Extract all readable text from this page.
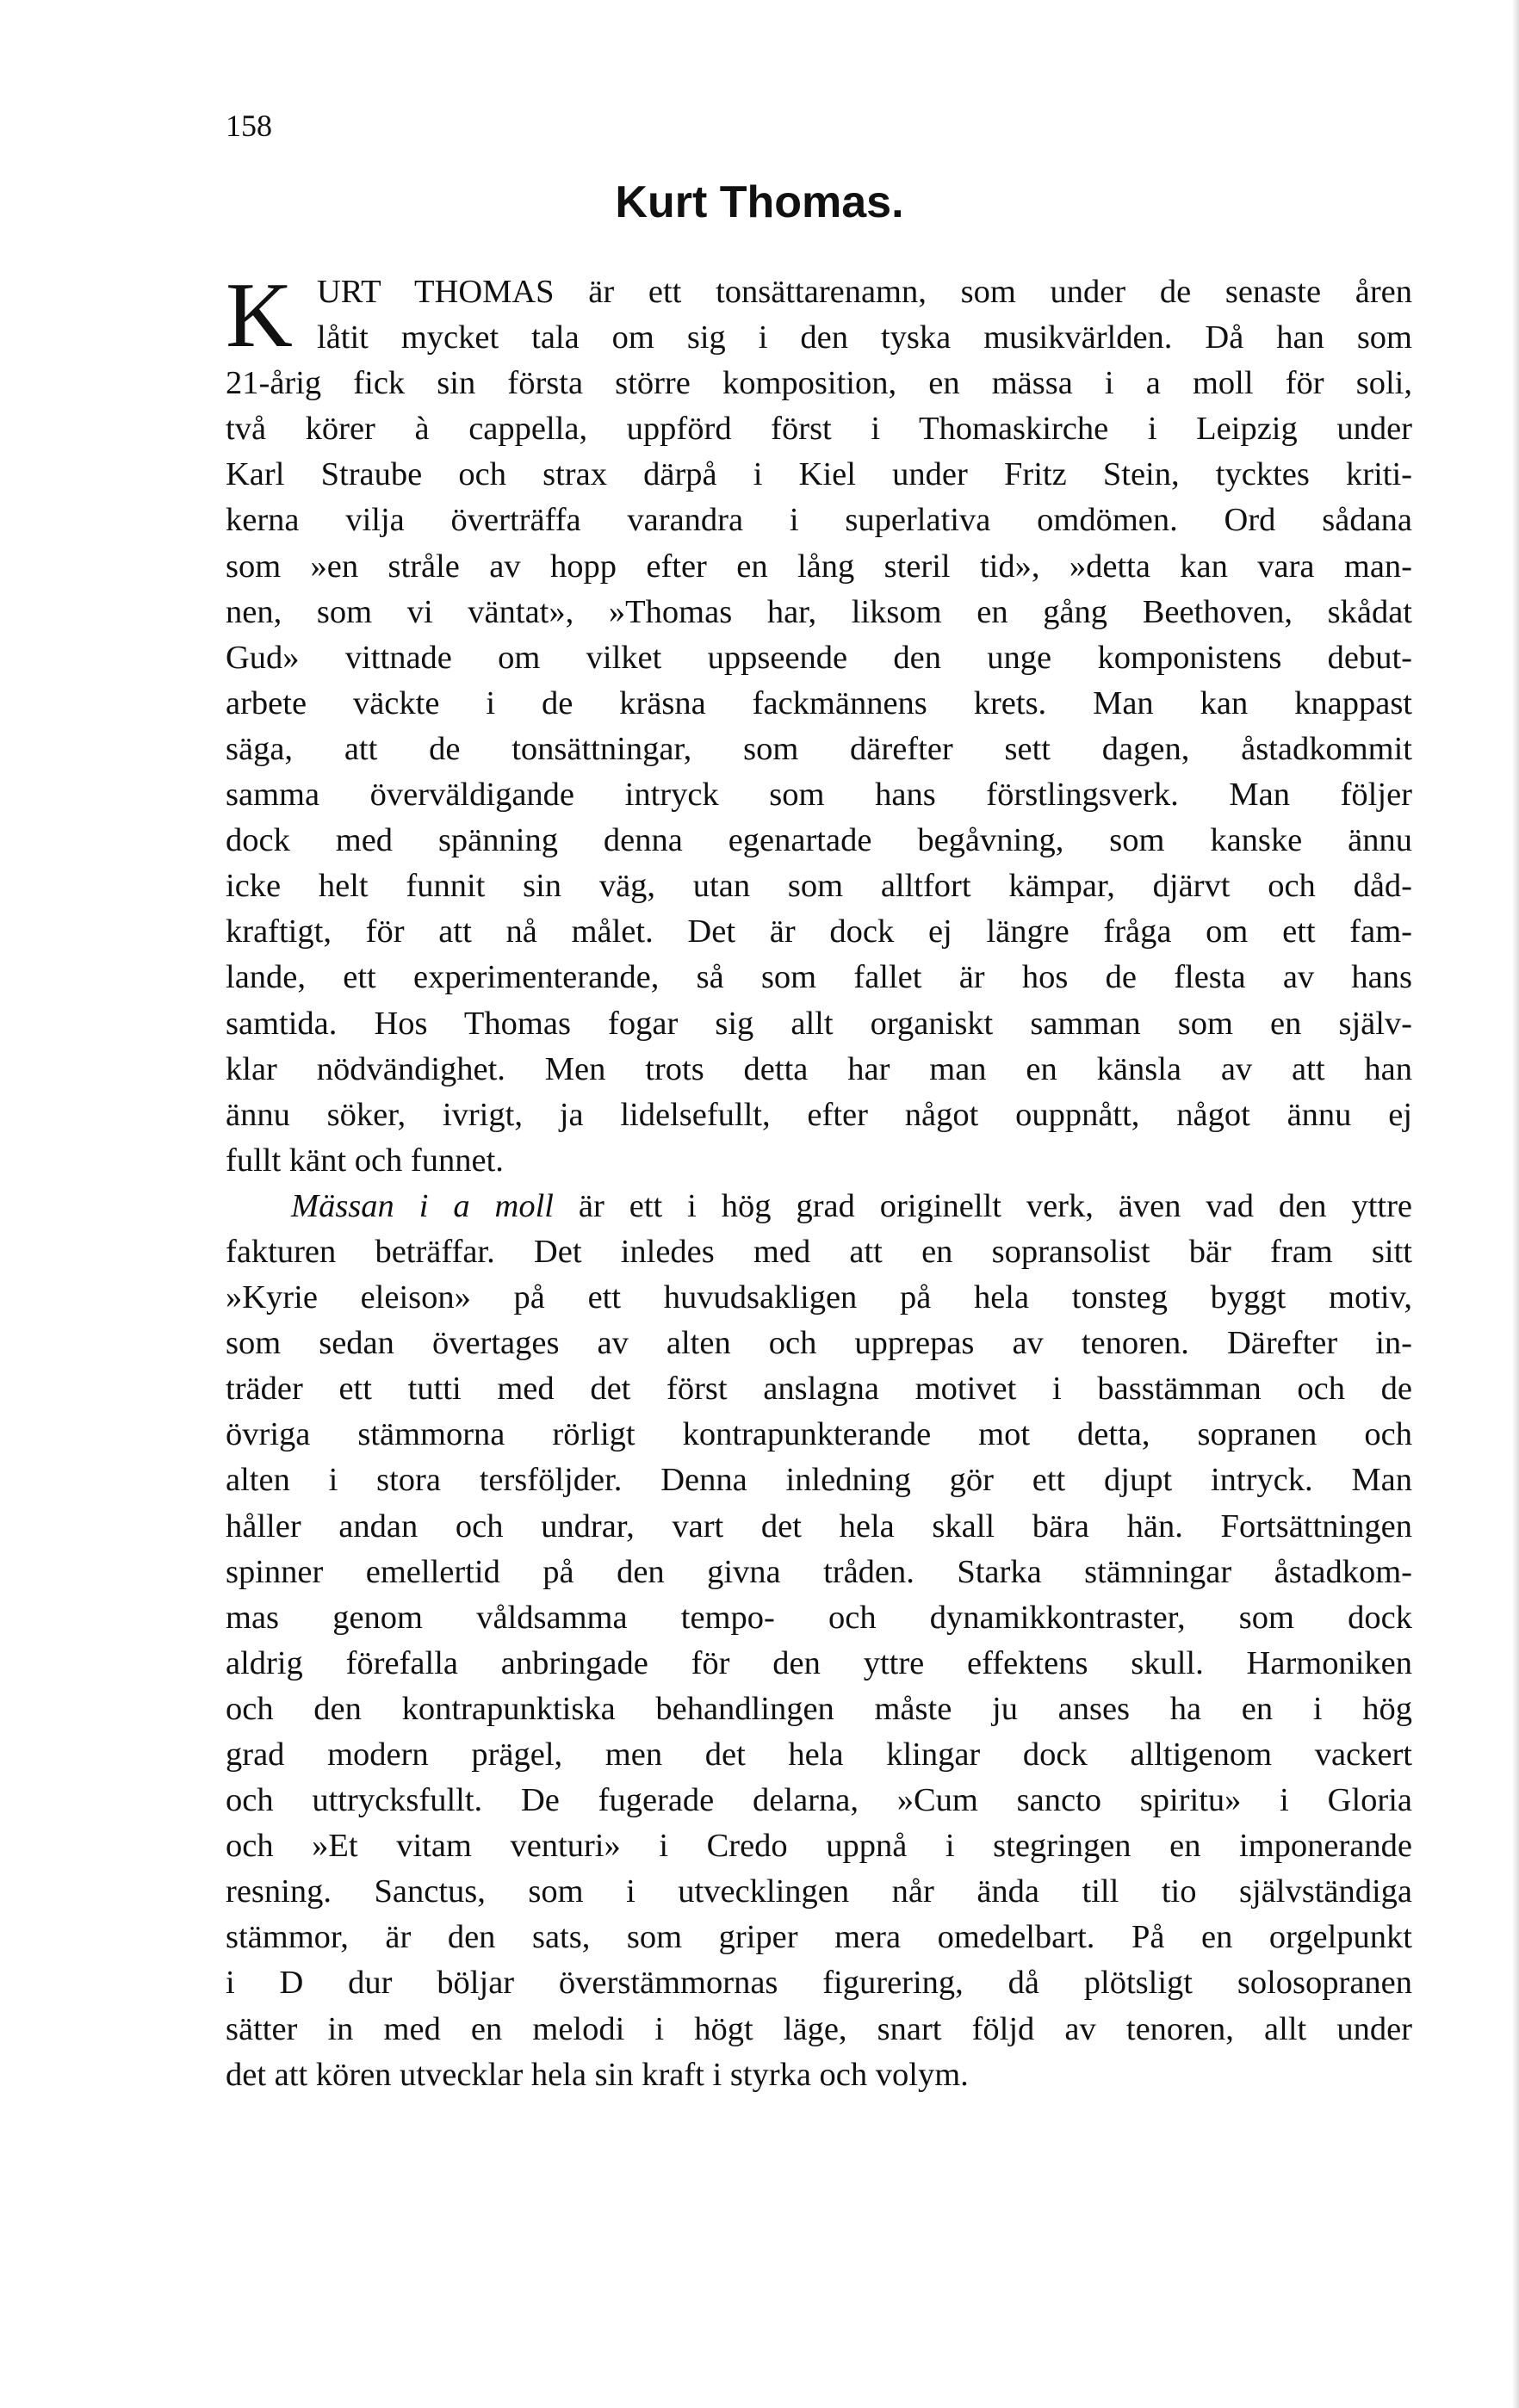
158
Kurt Thomas.
K URT THOMAS är ett tonsättarenamn, som under de senaste åren
låtit mycket tala om sig i den tyska musikvärlden. Då han som
21-årig fick sin första större komposition, en mässa i a moll för soli,
två körer à cappella, uppförd först i Thomaskirche i Leipzig under
Karl Straube och strax därpå i Kiel under Fritz Stein, tycktes kriti-
kerna vilja överträffa varandra i superlativa omdömen. Ord sådana
som »en stråle av hopp efter en lång steril tid», »detta kan vara man-
nen, som vi väntat», »Thomas har, liksom en gång Beethoven, skådat
Gud» vittnade om vilket uppseende den unge komponistens debut-
arbete väckte i de kräsna fackmännens krets. Man kan knappast
säga, att de tonsättningar, som därefter sett dagen, åstadkommit
samma överväldigande intryck som hans förstlingsverk. Man följer
dock med spänning denna egenartade begåvning, som kanske ännu
icke helt funnit sin väg, utan som alltfort kämpar, djärvt och dåd-
kraftigt, för att nå målet. Det är dock ej längre fråga om ett fam-
lande, ett experimenterande, så som fallet är hos de flesta av hans
samtida. Hos Thomas fogar sig allt organiskt samman som en själv-
klar nödvändighet. Men trots detta har man en känsla av att han
ännu söker, ivrigt, ja lidelsefullt, efter något ouppnått, något ännu ej
fullt känt och funnet.
Mässan i a moll är ett i hög grad originellt verk, även vad den yttre
fakturen beträffar. Det inledes med att en sopransolist bär fram sitt
»Kyrie eleison» på ett huvudsakligen på hela tonsteg byggt motiv,
som sedan övertages av alten och upprepas av tenoren. Därefter in-
träder ett tutti med det först anslagna motivet i basstämman och de
övriga stämmorna rörligt kontrapunkterande mot detta, sopranen och
alten i stora tersföljder. Denna inledning gör ett djupt intryck. Man
håller andan och undrar, vart det hela skall bära hän. Fortsättningen
spinner emellertid på den givna tråden. Starka stämningar åstadkom-
mas genom våldsamma tempo- och dynamikkontraster, som dock
aldrig förefalla anbringade för den yttre effektens skull. Harmoniken
och den kontrapunktiska behandlingen måste ju anses ha en i hög
grad modern prägel, men det hela klingar dock alltigenom vackert
och uttrycksfullt. De fugerade delarna, »Cum sancto spiritu» i Gloria
och »Et vitam venturi» i Credo uppnå i stegringen en imponerande
resning. Sanctus, som i utvecklingen når ända till tio självständiga
stämmor, är den sats, som griper mera omedelbart. På en orgelpunkt
i D dur böljar överstämmornas figurering, då plötsligt solosopranen
sätter in med en melodi i högt läge, snart följd av tenoren, allt under
det att kören utvecklar hela sin kraft i styrka och volym.
